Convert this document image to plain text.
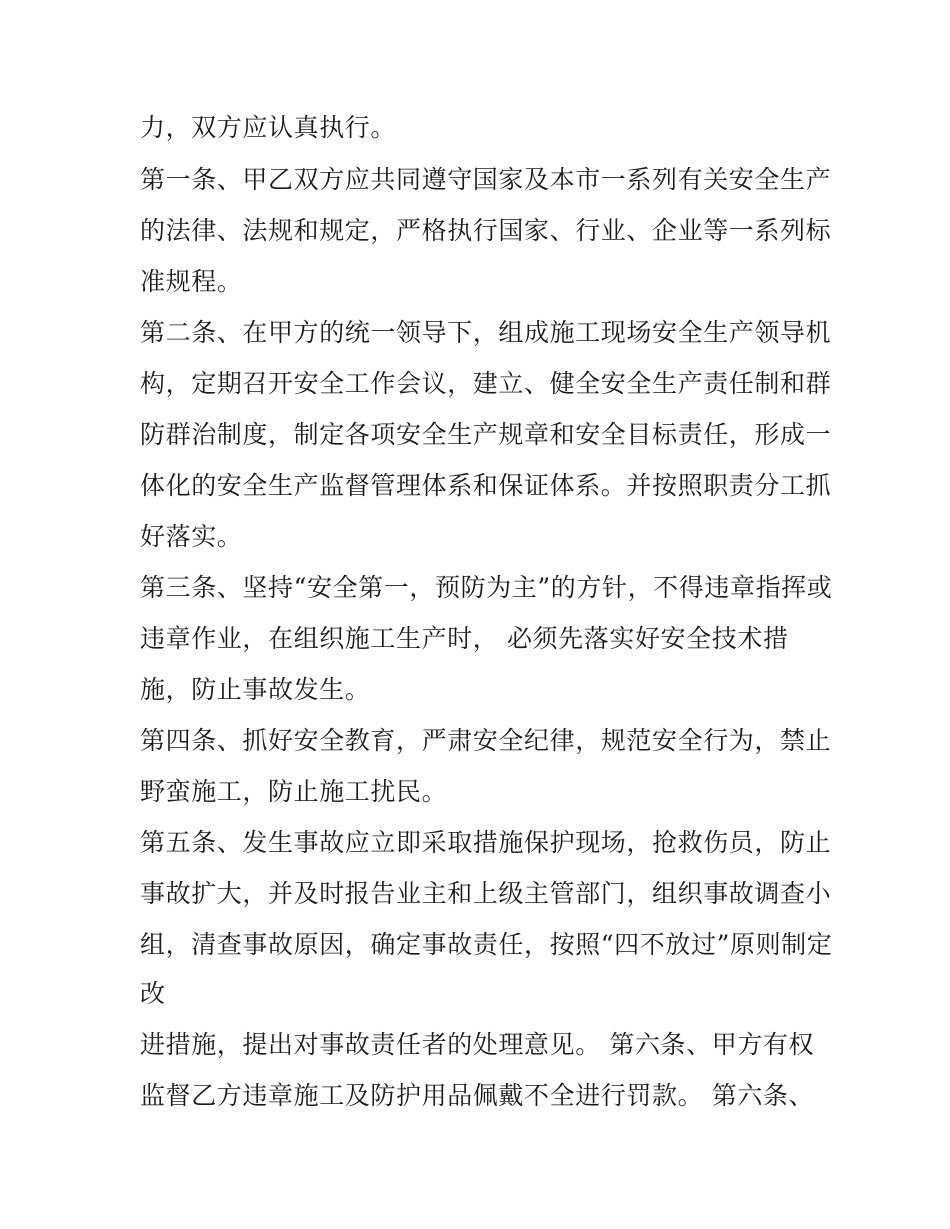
力，双方应认真执行。
第一条、甲乙双方应共同遵守国家及本市一系列有关安全生产
的法律、法规和规定，严格执行国家、行业、企业等一系列标
准规程。
第二条、在甲方的统一领导下，组成施工现场安全生产领导机
构，定期召开安全工作会议，建立、健全安全生产责任制和群
防群治制度，制定各项安全生产规章和安全目标责任，形成一
体化的安全生产监督管理体系和保证体系。并按照职责分工抓
好落实。
第三条、坚持“安全第一，预防为主”的方针，不得违章指挥或
违章作业，在组织施工生产时， 必须先落实好安全技术措
施，防止事故发生。
第四条、抓好安全教育，严肃安全纪律，规范安全行为，禁止
野蛮施工，防止施工扰民。
第五条、发生事故应立即采取措施保护现场，抢救伤员，防止
事故扩大，并及时报告业主和上级主管部门，组织事故调查小
组，清查事故原因，确定事故责任，按照“四不放过”原则制定
改
进措施，提出对事故责任者的处理意见。 第六条、甲方有权
监督乙方违章施工及防护用品佩戴不全进行罚款。 第六条、
